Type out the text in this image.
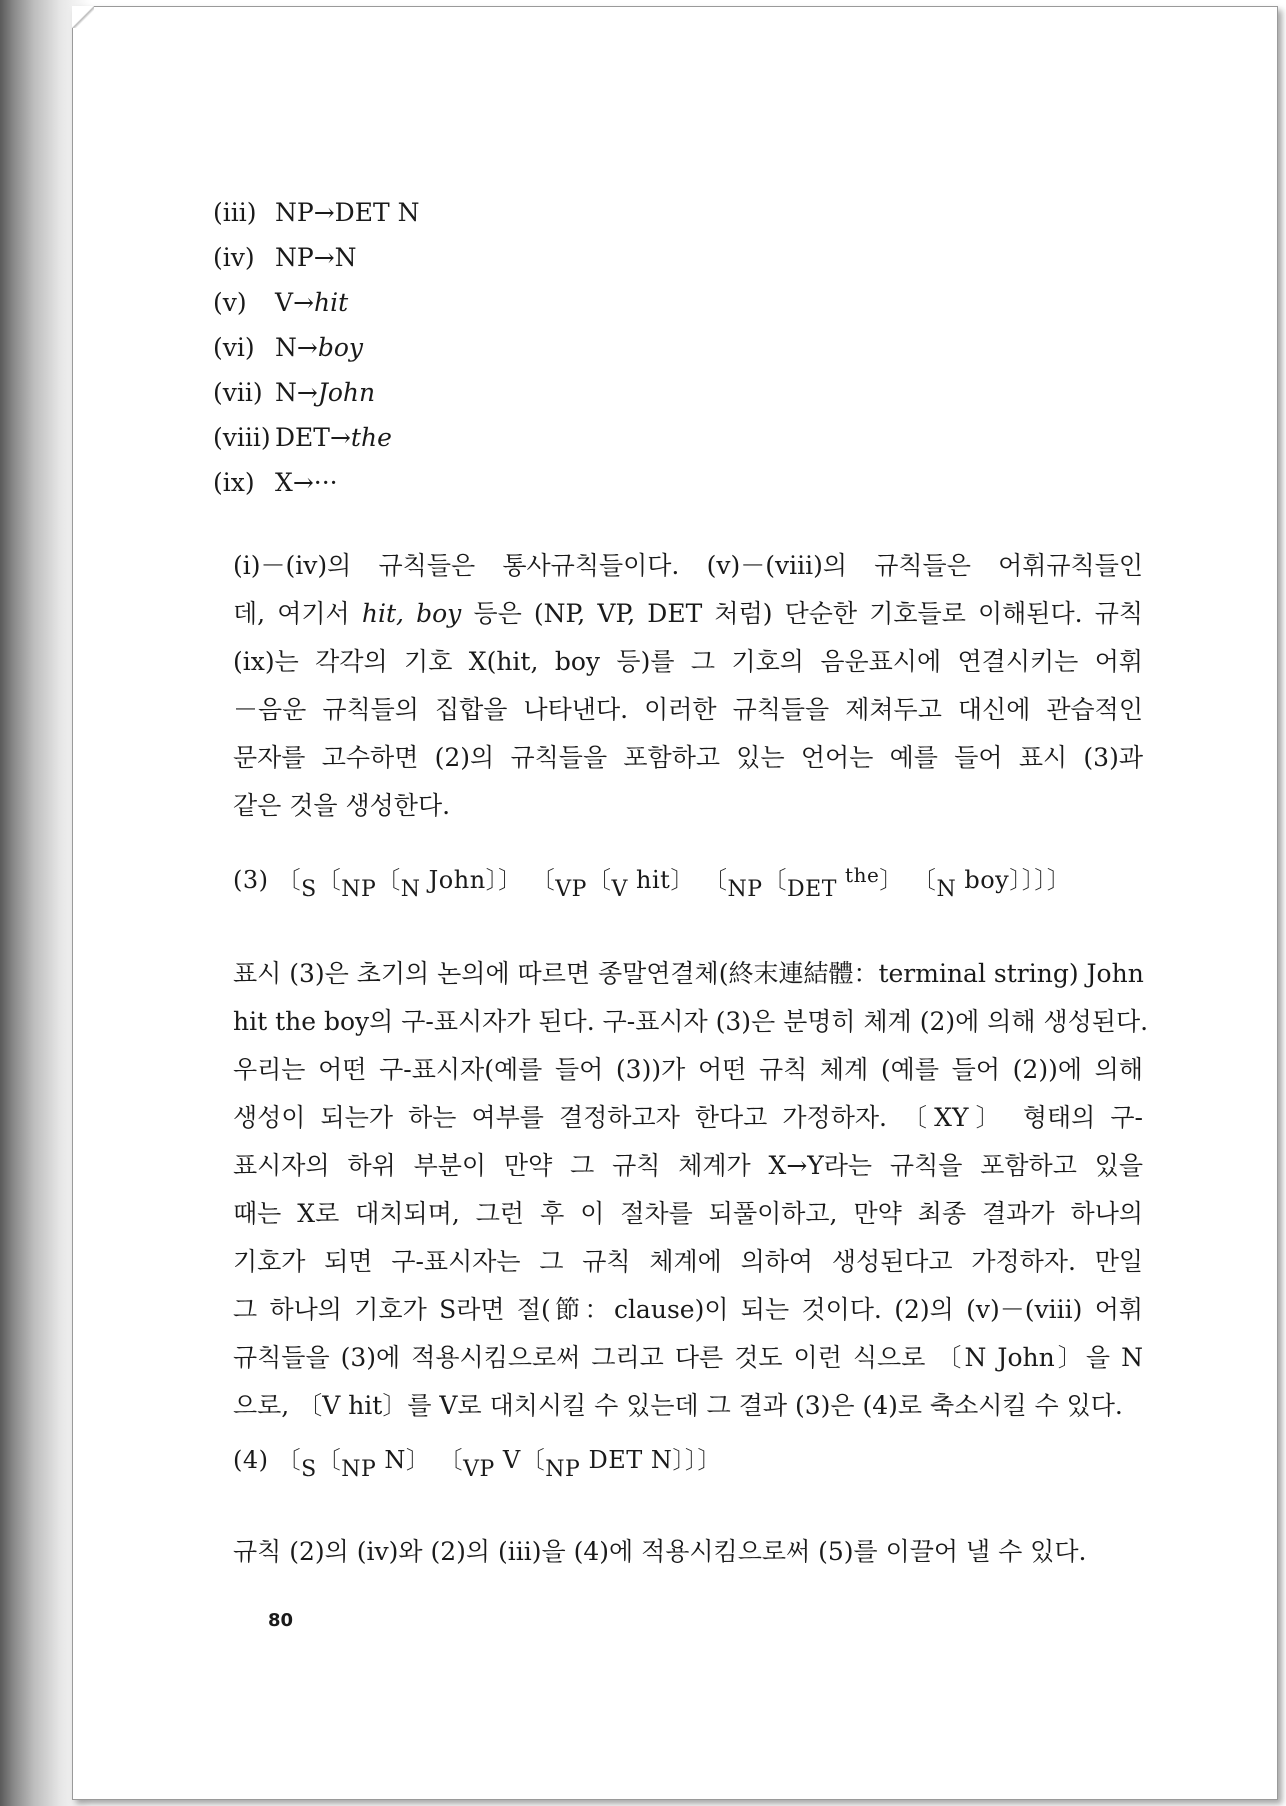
(iii) NP→DET N
(iv) NP→N
(v) V→hit
(vi) N→boy
(vii) N→John
(viii) DET→the
(ix) X→···
(i)－(iv)의 규칙들은 통사규칙들이다. (v)－(viii)의 규칙들은 어휘규칙들인
데, 여기서 hit, boy 등은 (NP, VP, DET 처럼) 단순한 기호들로 이해된다. 규칙
(ix)는 각각의 기호 X(hit, boy 등)를 그 기호의 음운표시에 연결시키는 어휘
－음운 규칙들의 집합을 나타낸다. 이러한 규칙들을 제쳐두고 대신에 관습적인
문자를 고수하면 (2)의 규칙들을 포함하고 있는 언어는 예를 들어 표시 (3)과
같은 것을 생성한다.
(3) 〔$_S$〔$_{NP}$〔$_N$ John〕〕 〔$_{VP}$〔$_V$ hit〕 〔$_{NP}$〔$_{DET}$ $^{the}$〕 〔$_N$ boy〕〕〕〕
표시 (3)은 초기의 논의에 따르면 종말연결체(終末連結體：terminal string) John
hit the boy의 구-표시자가 된다. 구-표시자 (3)은 분명히 체계 (2)에 의해 생성된다.
우리는 어떤 구-표시자(예를 들어 (3))가 어떤 규칙 체계 (예를 들어 (2))에 의해
생성이 되는가 하는 여부를 결정하고자 한다고 가정하자. 〔XY〕 형태의 구-
표시자의 하위 부분이 만약 그 규칙 체계가 X→Y라는 규칙을 포함하고 있을
때는 X로 대치되며, 그런 후 이 절차를 되풀이하고, 만약 최종 결과가 하나의
기호가 되면 구-표시자는 그 규칙 체계에 의하여 생성된다고 가정하자. 만일
그 하나의 기호가 S라면 절(節：clause)이 되는 것이다. (2)의 (v)－(viii) 어휘
규칙들을 (3)에 적용시킴으로써 그리고 다른 것도 이런 식으로 〔N John〕을 N
으로, 〔V hit〕를 V로 대치시킬 수 있는데 그 결과 (3)은 (4)로 축소시킬 수 있다.
(4) 〔$_S$〔$_{NP}$ N〕 〔$_{VP}$ V〔$_{NP}$ DET N〕〕〕
규칙 (2)의 (iv)와 (2)의 (iii)을 (4)에 적용시킴으로써 (5)를 이끌어 낼 수 있다.
80
